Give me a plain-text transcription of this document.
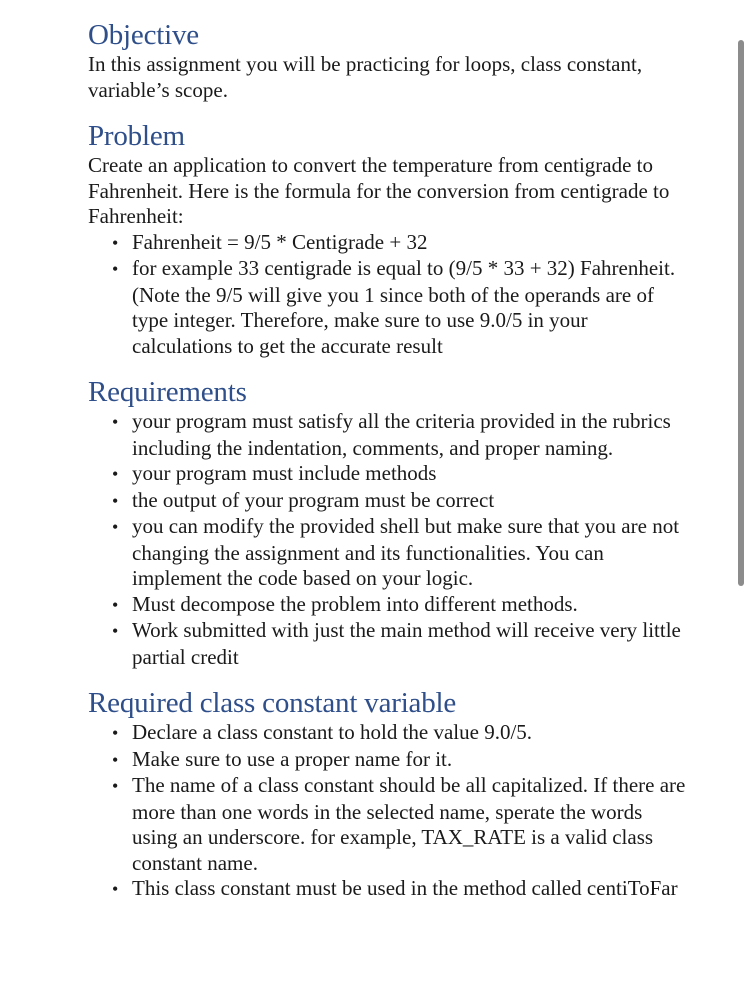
Objective

In this assignment you will be practicing for loops, class constant, variable’s scope.

Problem

Create an application to convert the temperature from centigrade to Fahrenheit. Here is the formula for the conversion from centigrade to Fahrenheit:

• Fahrenheit = 9/5 * Centigrade + 32
• for example 33 centigrade is equal to (9/5 * 33 + 32) Fahrenheit. (Note the 9/5 will give you 1 since both of the operands are of type integer. Therefore, make sure to use 9.0/5 in your calculations to get the accurate result
Requirements
• your program must satisfy all the criteria provided in the rubrics including the indentation, comments, and proper naming.
• your program must include methods
• the output of your program must be correct
• you can modify the provided shell but make sure that you are not changing the assignment and its functionalities. You can implement the code based on your logic.
• Must decompose the problem into different methods.
• Work submitted with just the main method will receive very little partial credit
Required class constant variable
• Declare a class constant to hold the value 9.0/5.
• Make sure to use a proper name for it.
• The name of a class constant should be all capitalized. If there are more than one words in the selected name, sperate the words using an underscore. for example, TAX_RATE is a valid class constant name.
• This class constant must be used in the method called centiToFar
